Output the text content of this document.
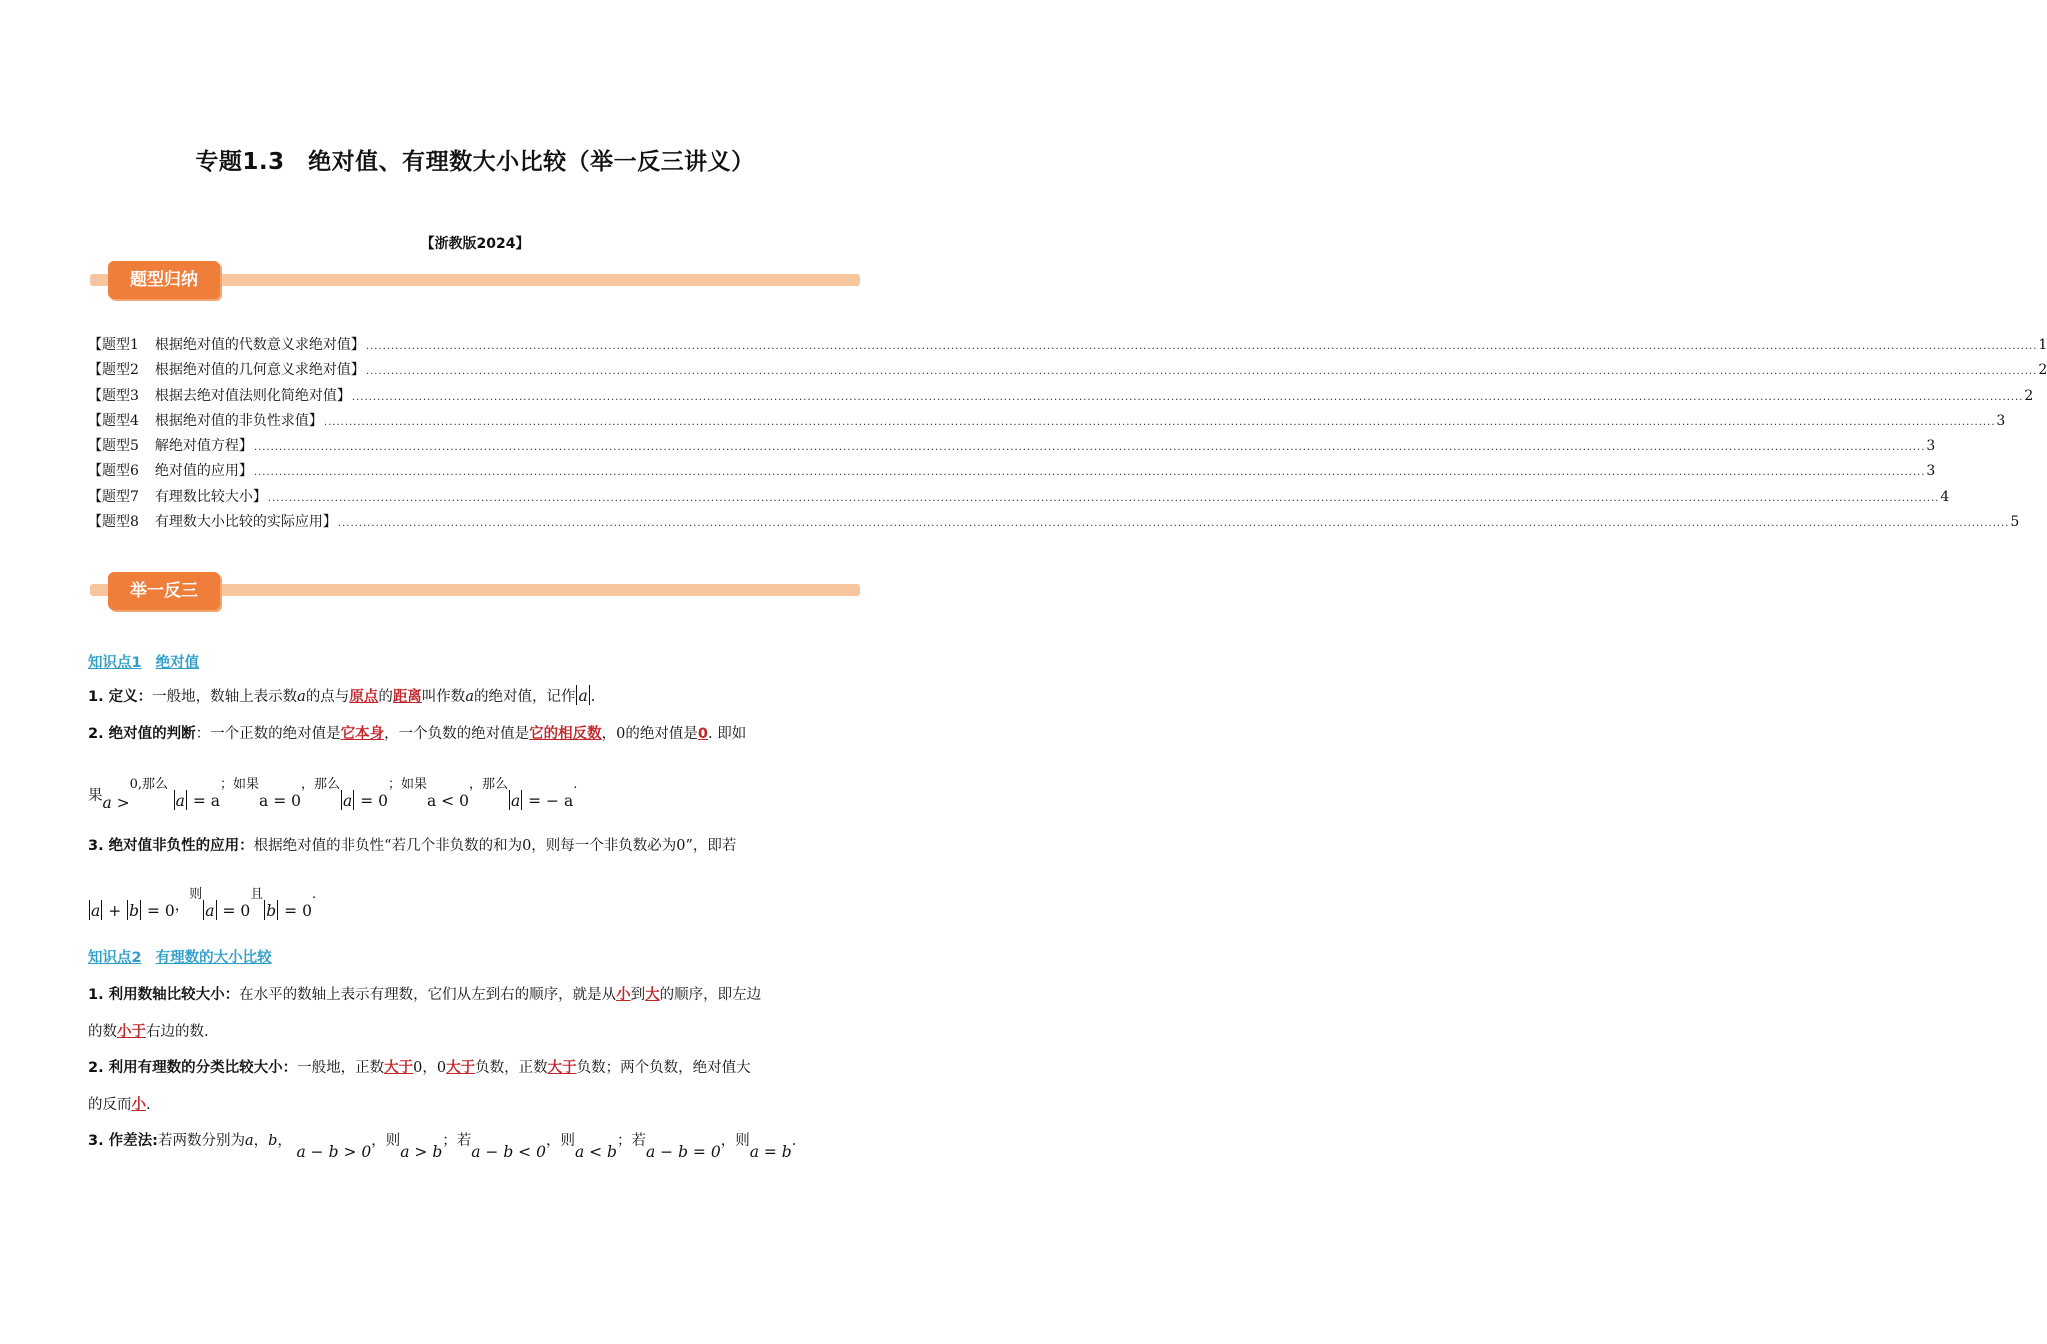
专题1.3　绝对值、有理数大小比较（举一反三讲义）
【浙教版2024】
题型归纳
【题型1 根据绝对值的代数意义求绝对值】 ................................................................................................................................................................................................................................................................................................................................................................................................................ 1
【题型2 根据绝对值的几何意义求绝对值】 ................................................................................................................................................................................................................................................................................................................................................................................................................ 2
【题型3 根据去绝对值法则化简绝对值】 ................................................................................................................................................................................................................................................................................................................................................................................................................ 2
【题型4 根据绝对值的非负性求值】 ................................................................................................................................................................................................................................................................................................................................................................................................................ 3
【题型5 解绝对值方程】 ................................................................................................................................................................................................................................................................................................................................................................................................................ 3
【题型6 绝对值的应用】 ................................................................................................................................................................................................................................................................................................................................................................................................................ 3
【题型7 有理数比较大小】 ................................................................................................................................................................................................................................................................................................................................................................................................................ 4
【题型8 有理数大小比较的实际应用】 ................................................................................................................................................................................................................................................................................................................................................................................................................ 5
举一反三
知识点1 绝对值
1. 定义：一般地，数轴上表示数a的点与原点的距离叫作数a的绝对值，记作 a .
2. 绝对值的判断：一个正数的绝对值是它本身，一个负数的绝对值是它的相反数，0的绝对值是0. 即如
果a >0,那么 a = a；如果a = 0，那么a = 0；如果a < 0，那么a = − a.
3. 绝对值非负性的应用：根据绝对值的非负性“若几个非负数的和为0，则每一个非负数必为0”，即若
a + b = 0，则a = 0且b = 0.
知识点2 有理数的大小比较
1. 利用数轴比较大小：在水平的数轴上表示有理数，它们从左到右的顺序，就是从小到大的顺序，即左边
的数小于右边的数.
2. 利用有理数的分类比较大小：一般地，正数大于0，0大于负数，正数大于负数；两个负数，绝对值大
的反而小.
3. 作差法:若两数分别为a，b， a − b > 0，则a > b；若a − b < 0，则a < b；若a − b = 0，则a = b.
